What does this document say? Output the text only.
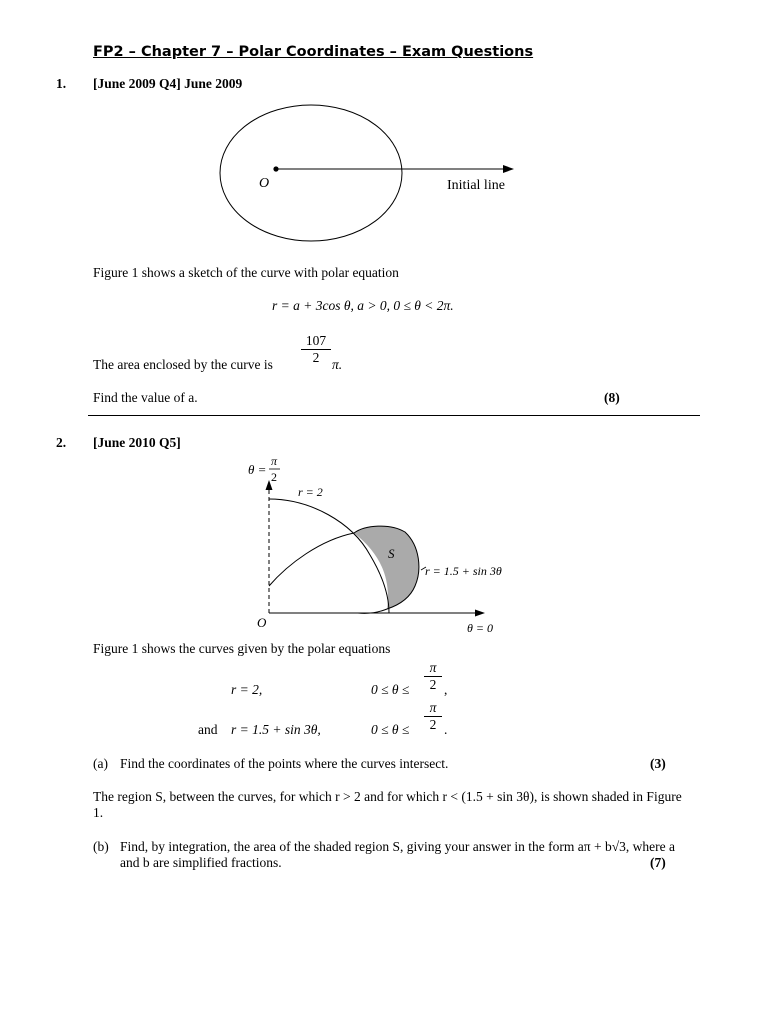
FP2 – Chapter 7 – Polar Coordinates – Exam Questions
1. [June 2009 Q4] June 2009
O	Initial line
Figure 1 shows a sketch of the curve with polar equation
r = a + 3cos θ, a > 0, 0 ≤ θ < 2π.
The area enclosed by the curve is $\frac{107}{2} \pi$.
Find the value of a.	(8)
2. [June 2010 Q5]
θ =
π
2
r = 2
S
r = 1.5 + sin 3θ
O	θ = 0
Figure 1 shows the curves given by the polar equations
r = 2,	$0 \le \theta \le \frac{\pi}{2}$ ,
and r = 1.5 + sin 3θ,	$0 \le \theta \le \frac{\pi}{2}$ .
(a) Find the coordinates of the points where the curves intersect.	(3)
The region S, between the curves, for which r > 2 and for which r < (1.5 + sin 3θ), is shown shaded in Figure 1.
(b) Find, by integration, the area of the shaded region S, giving your answer in the form aπ + b√3, where a and b are simplified fractions.	(7)
